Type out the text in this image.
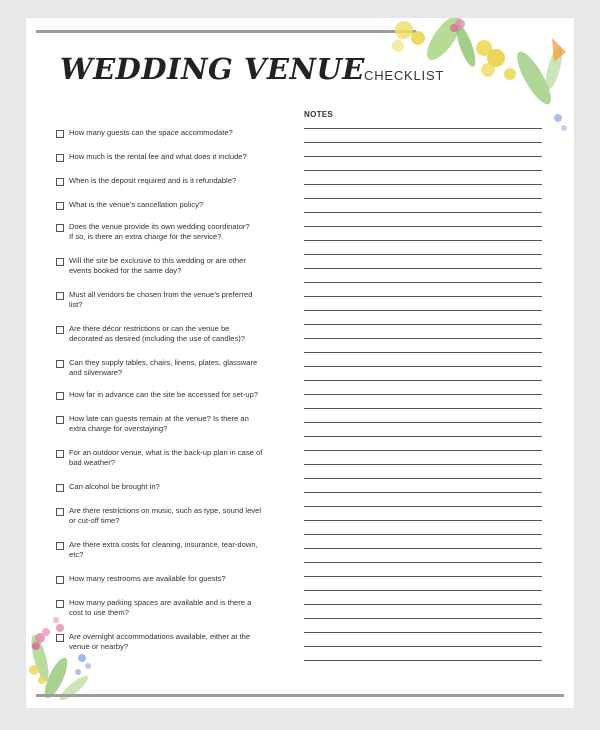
WEDDING VENUE CHECKLIST
NOTES
How many guests can the space accommodate?
How much is the rental fee and what does it include?
When is the deposit required and is it refundable?
What is the venue’s cancellation policy?
Does the venue provide its own wedding coordinator?
If so, is there an extra charge for the service?
Will the site be exclusive to this wedding or are other
events booked for the same day?
Must all vendors be chosen from the venue’s preferred
list?
Are there décor restrictions or can the venue be
decorated as desired (including the use of candles)?
Can they supply tables, chairs, linens, plates, glassware
and silverware?
How far in advance can the site be accessed for set-up?
How late can guests remain at the venue? Is there an
extra charge for overstaying?
For an outdoor venue, what is the back-up plan in case of
bad weather?
Can alcohol be brought in?
Are there restrictions on music, such as type, sound level
or cut-off time?
Are there extra costs for cleaning, insurance, tear-down,
etc?
How many restrooms are available for guests?
How many parking spaces are available and is there a
cost to use them?
Are overnight accommodations available, either at the
venue or nearby?
